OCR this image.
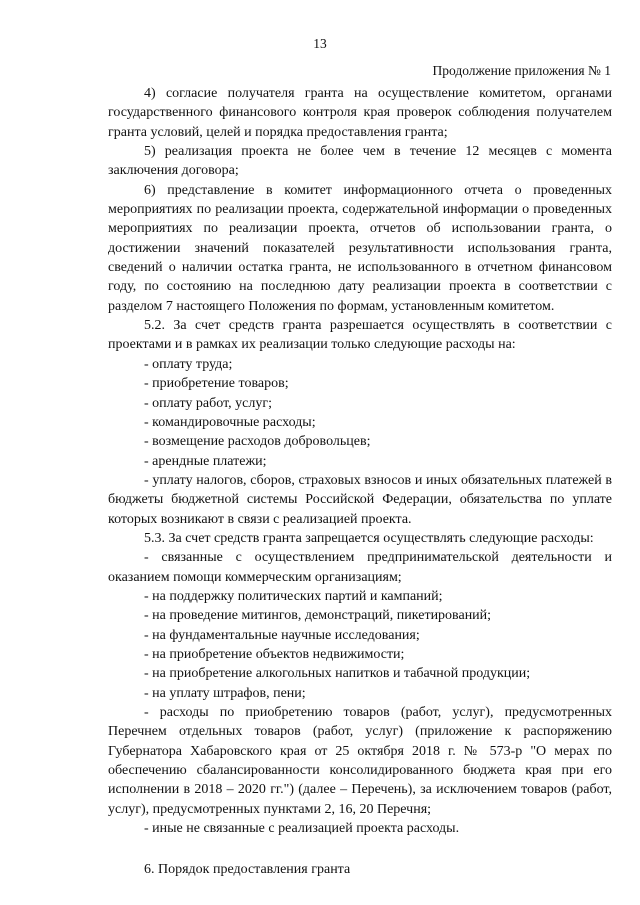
13
Продолжение приложения № 1

4) согласие получателя гранта на осуществление комитетом, органами государственного финансового контроля края проверок соблюдения получателем гранта условий, целей и порядка предоставления гранта;

5) реализация проекта не более чем в течение 12 месяцев с момента заключения договора;

6) представление в комитет информационного отчета о проведенных мероприятиях по реализации проекта, содержательной информации о проведенных мероприятиях по реализации проекта, отчетов об использовании гранта, о достижении значений показателей результативности использования гранта, сведений о наличии остатка гранта, не использованного в отчетном финансовом году, по состоянию на последнюю дату реализации проекта в соответствии с разделом 7 настоящего Положения по формам, установленным комитетом.

5.2. За счет средств гранта разрешается осуществлять в соответствии с проектами и в рамках их реализации только следующие расходы на:

- оплату труда;

- приобретение товаров;

- оплату работ, услуг;

- командировочные расходы;

- возмещение расходов добровольцев;

- арендные платежи;

- уплату налогов, сборов, страховых взносов и иных обязательных платежей в бюджеты бюджетной системы Российской Федерации, обязательства по уплате которых возникают в связи с реализацией проекта.

5.3. За счет средств гранта запрещается осуществлять следующие расходы:

- связанные с осуществлением предпринимательской деятельности и оказанием помощи коммерческим организациям;

- на поддержку политических партий и кампаний;

- на проведение митингов, демонстраций, пикетирований;

- на фундаментальные научные исследования;

- на приобретение объектов недвижимости;

- на приобретение алкогольных напитков и табачной продукции;

- на уплату штрафов, пени;

- расходы по приобретению товаров (работ, услуг), предусмотренных Перечнем отдельных товаров (работ, услуг) (приложение к распоряжению Губернатора Хабаровского края от 25 октября 2018 г. № 573-р "О мерах по обеспечению сбалансированности консолидированного бюджета края при его исполнении в 2018 – 2020 гг.") (далее – Перечень), за исключением товаров (работ, услуг), предусмотренных пунктами 2, 16, 20 Перечня;

- иные не связанные с реализацией проекта расходы.

6. Порядок предоставления гранта
